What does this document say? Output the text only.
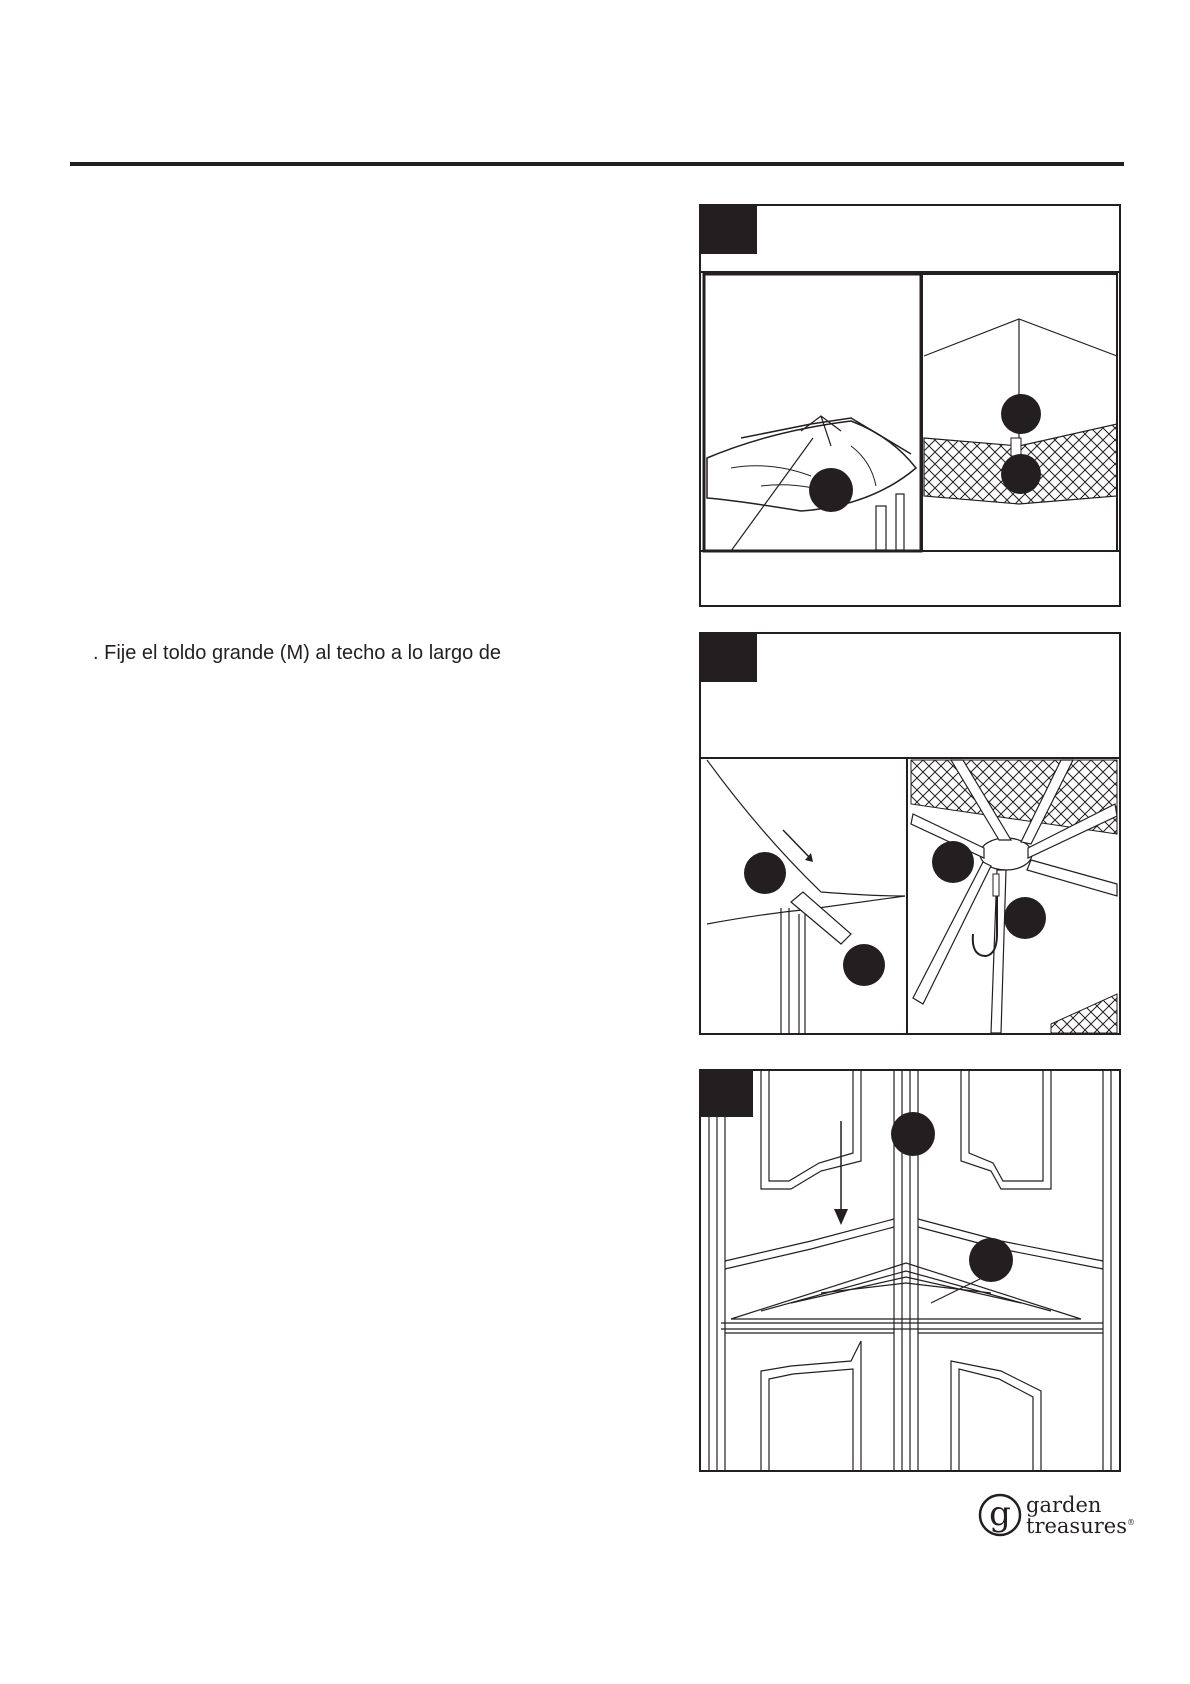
. Fije el toldo grande (M) al techo a lo largo de
g garden
treasures®
